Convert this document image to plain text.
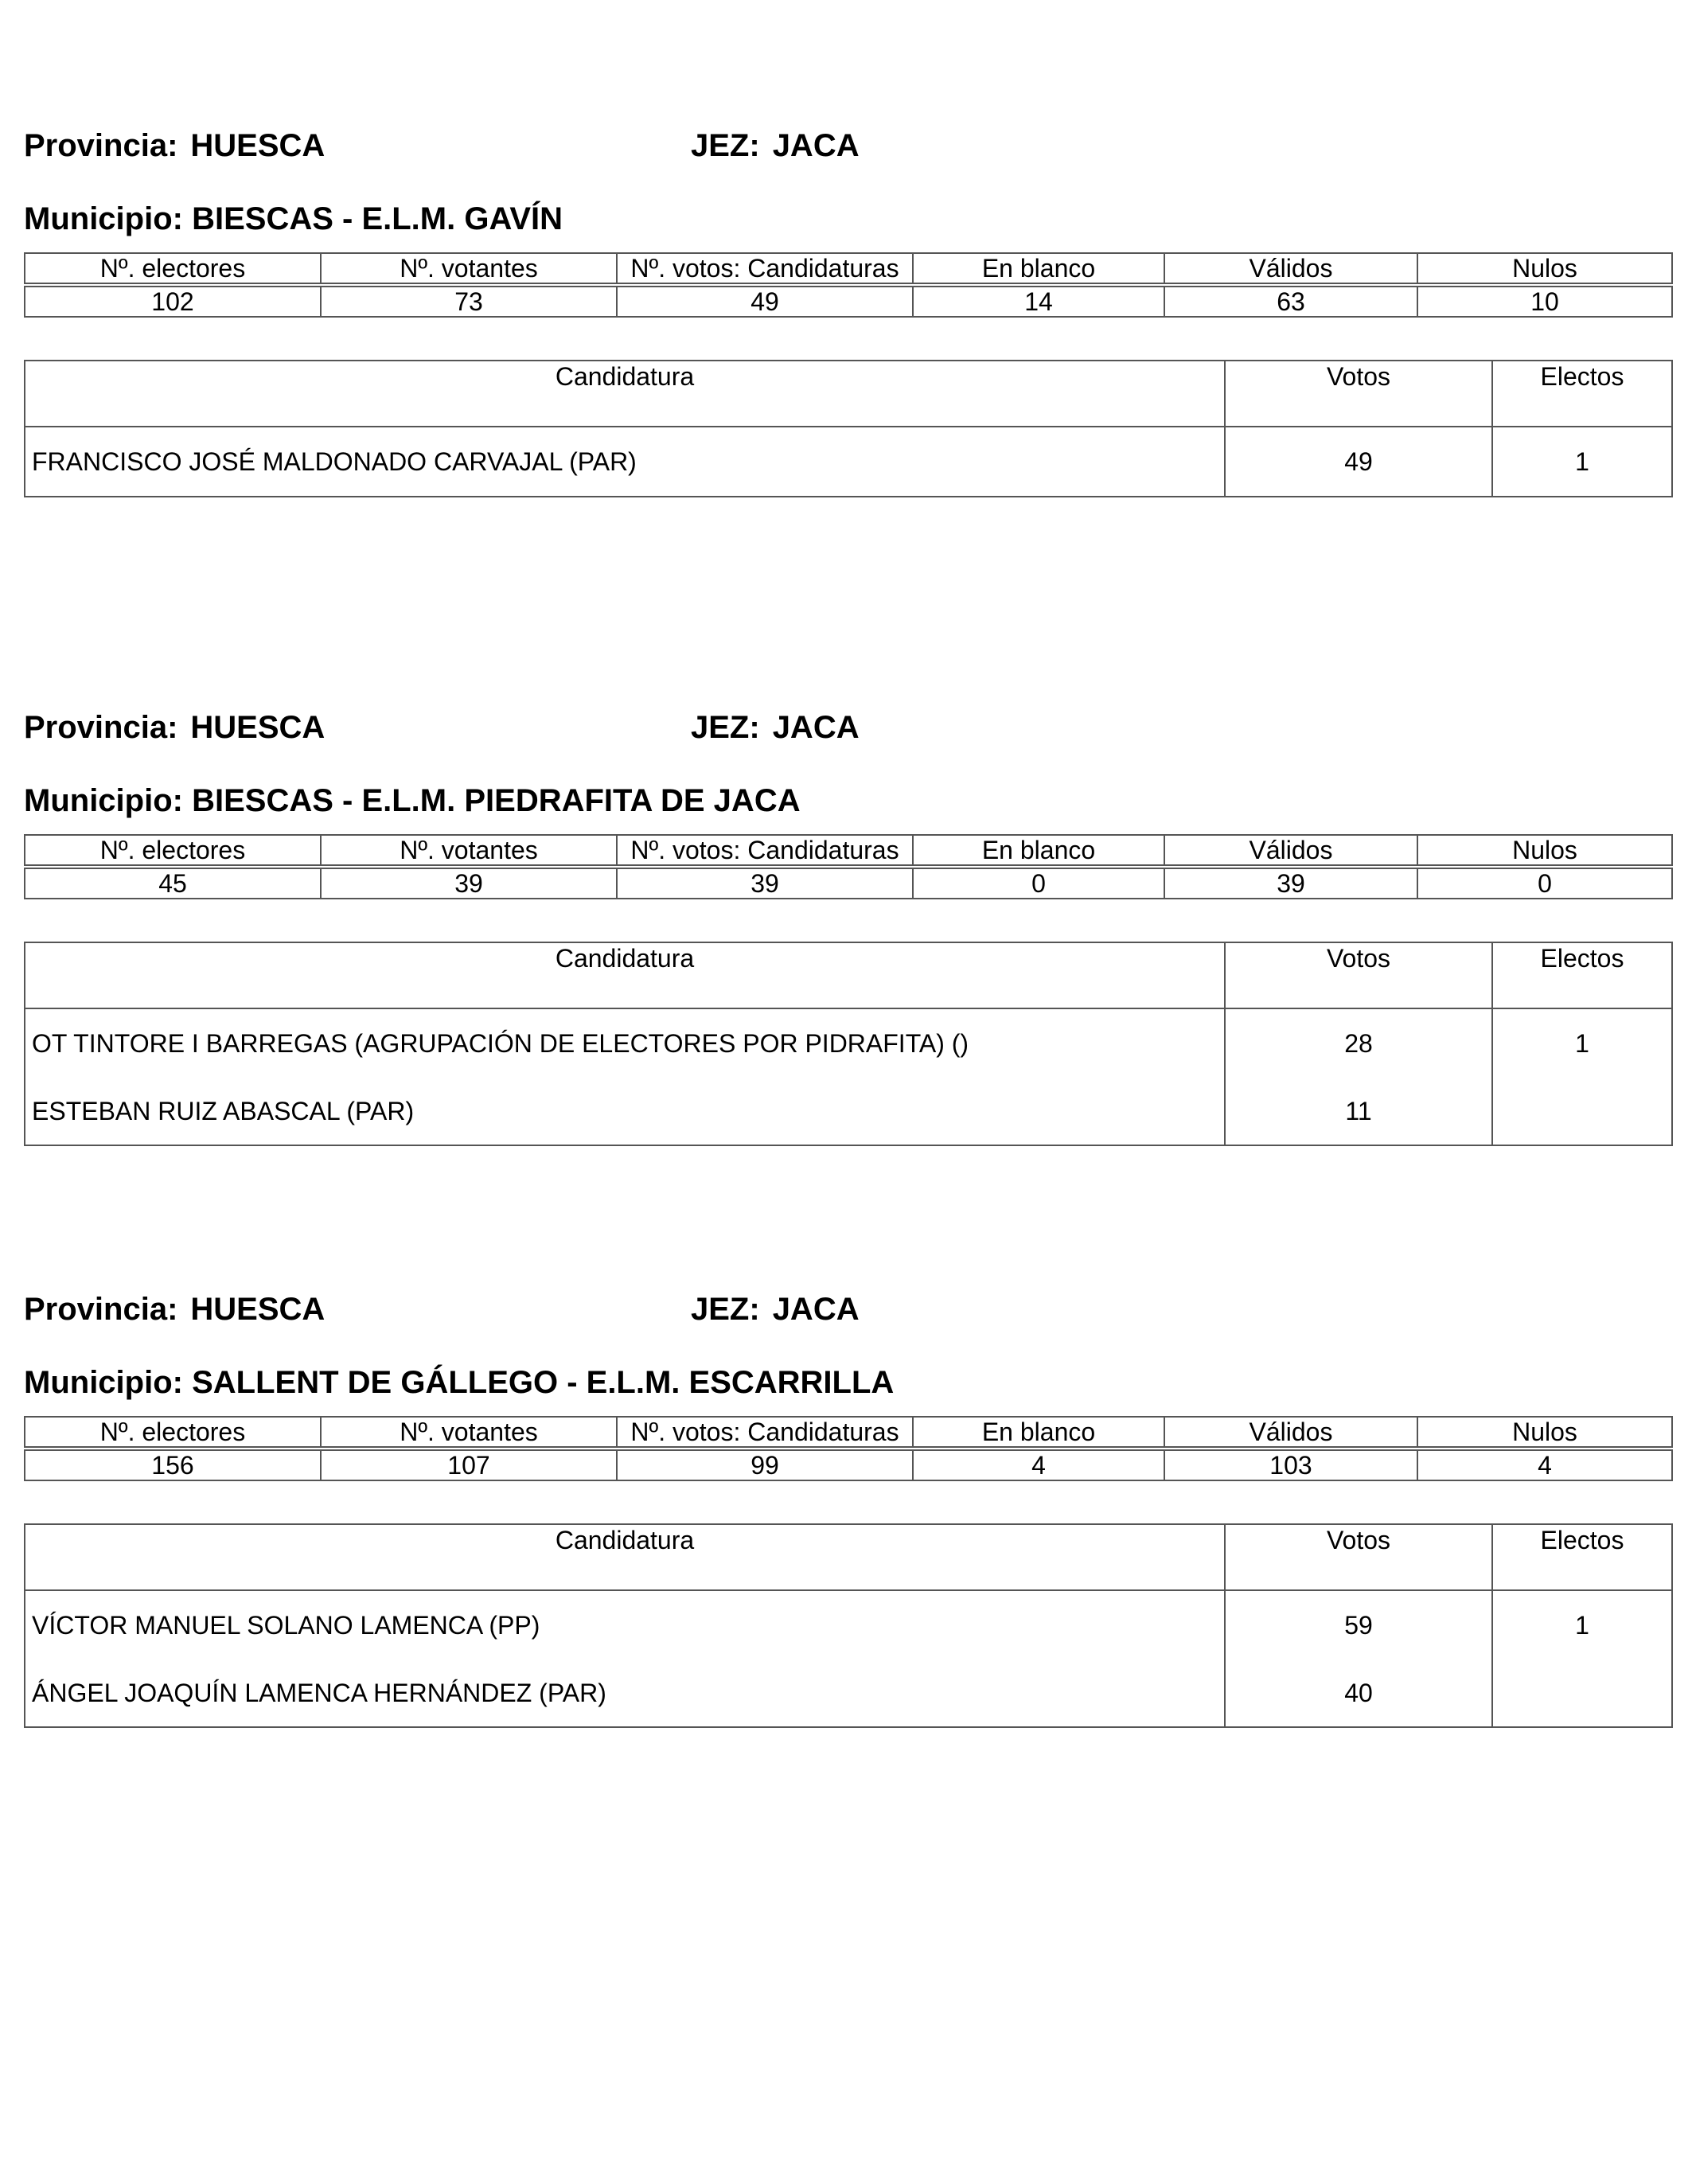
Provincia: HUESCA	JEZ: JACA
Municipio: BIESCAS - E.L.M. GAVÍN
Nº. electores	Nº. votantes	Nº. votos: Candidaturas	En blanco	Válidos	Nulos

102	73	49	14	63	10
Candidatura	Votos	Electos
FRANCISCO JOSÉ MALDONADO CARVAJAL (PAR)	49	1
Provincia: HUESCA	JEZ: JACA
Municipio: BIESCAS - E.L.M. PIEDRAFITA DE JACA
Nº. electores	Nº. votantes	Nº. votos: Candidaturas	En blanco	Válidos	Nulos

45	39	39	0	39	0
Candidatura	Votos	Electos
OT TINTORE I BARREGAS (AGRUPACIÓN DE ELECTORES POR PIDRAFITA) ()	28	1
ESTEBAN RUIZ ABASCAL (PAR)	11	
Provincia: HUESCA	JEZ: JACA
Municipio: SALLENT DE GÁLLEGO - E.L.M. ESCARRILLA
Nº. electores	Nº. votantes	Nº. votos: Candidaturas	En blanco	Válidos	Nulos

156	107	99	4	103	4
Candidatura	Votos	Electos
VÍCTOR MANUEL SOLANO LAMENCA (PP)	59	1
ÁNGEL JOAQUÍN LAMENCA HERNÁNDEZ (PAR)	40	
